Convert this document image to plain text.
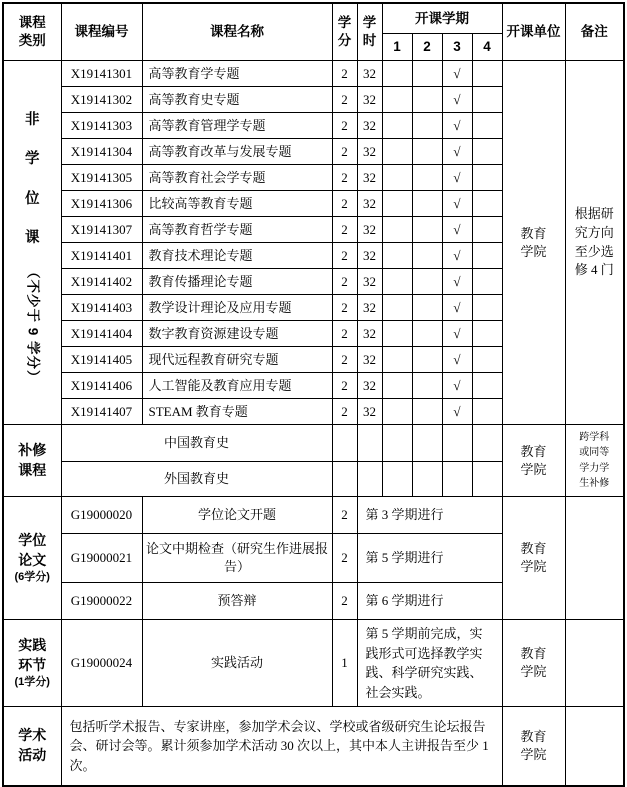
课程类别	课程编号	课程名称	学分	学时	开课学期				开课单位	备注
					1	2	3	4		

非
学
位
课
（不少于 9 学分）	X19141301	高等教育学专题	2	32			√		教育学院	根据研究方向至少选修 4 门
	X19141302	高等教育史专题	2	32			√			
	X19141303	高等教育管理学专题	2	32			√			
	X19141304	高等教育改革与发展专题	2	32			√			
	X19141305	高等教育社会学专题	2	32			√			
	X19141306	比较高等教育专题	2	32			√			
	X19141307	高等教育哲学专题	2	32			√			
	X19141401	教育技术理论专题	2	32			√			
	X19141402	教育传播理论专题	2	32			√			
	X19141403	教学设计理论及应用专题	2	32			√			
	X19141404	数字教育资源建设专题	2	32			√			
	X19141405	现代远程教育研究专题	2	32			√			
	X19141406	人工智能及教育应用专题	2	32			√			
	X19141407	STEAM 教育专题	2	32			√			
补修课程	中国教育史								教育学院	跨学科或同等学力学生补修
	外国教育史									
学位论文
(6学分)	G19000020	学位论文开题	2	第 3 学期进行					教育学院	
	G19000021	论文中期检查（研究生作进展报告）	2	第 5 学期进行						
	G19000022	预答辩	2	第 6 学期进行						
实践环节
(1学分)	G19000024	实践活动	1	第 5 学期前完成，实践形式可选择教学实践、科学研究实践、社会实践。					教育学院	
学术活动	包括听学术报告、专家讲座，参加学术会议、学校或省级研究生论坛报告会、研讨会等。累计须参加学术活动 30 次以上，其中本人主讲报告至少 1 次。								教育学院	
